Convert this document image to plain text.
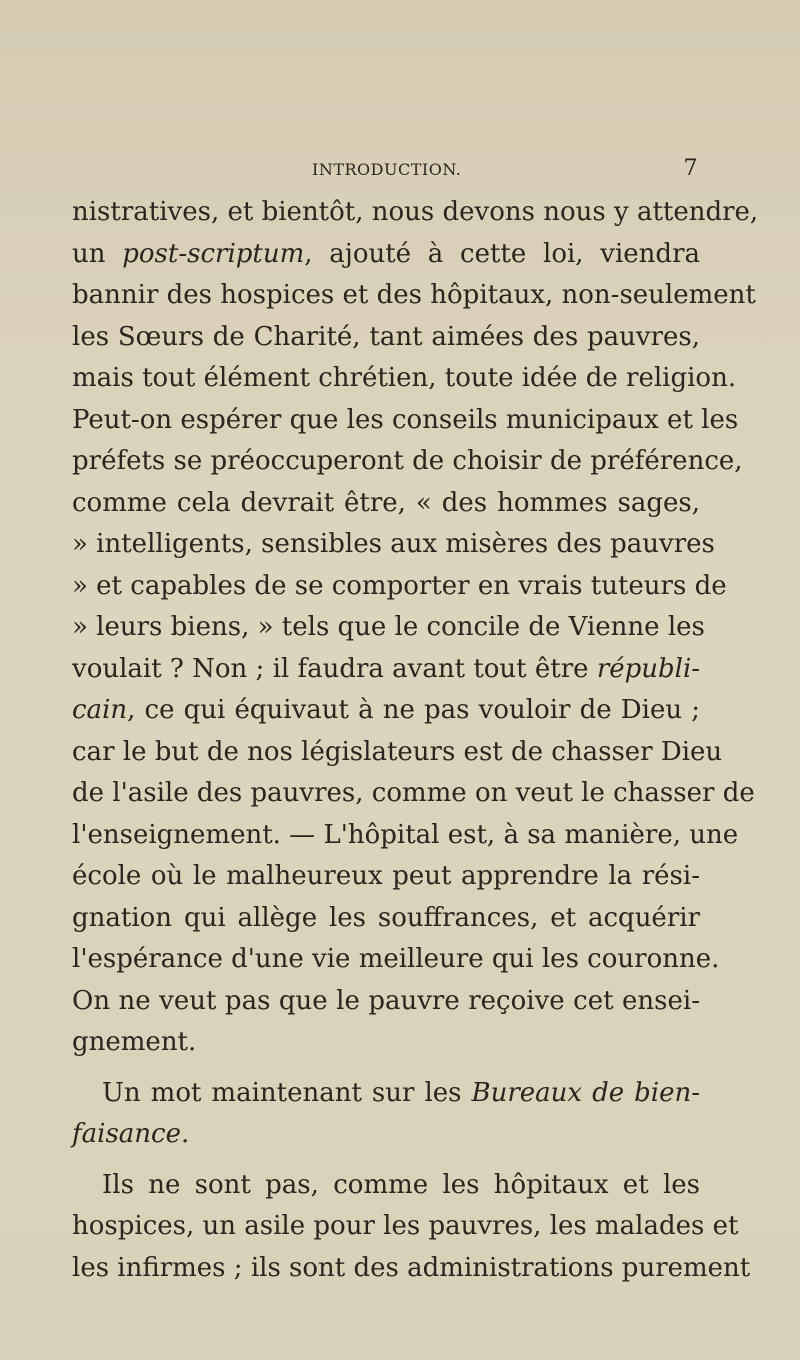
INTRODUCTION.	7
nistratives, et bientôt, nous devons nous y attendre,
un post-scriptum, ajouté à cette loi, viendra
bannir des hospices et des hôpitaux, non-seulement
les Sœurs de Charité, tant aimées des pauvres,
mais tout élément chrétien, toute idée de religion.
Peut-on espérer que les conseils municipaux et les
préfets se préoccuperont de choisir de préférence,
comme cela devrait être, « des hommes sages,
» intelligents, sensibles aux misères des pauvres
» et capables de se comporter en vrais tuteurs de
» leurs biens, » tels que le concile de Vienne les
voulait ? Non ; il faudra avant tout être républi-
cain, ce qui équivaut à ne pas vouloir de Dieu ;
car le but de nos législateurs est de chasser Dieu
de l'asile des pauvres, comme on veut le chasser de
l'enseignement. — L'hôpital est, à sa manière, une
école où le malheureux peut apprendre la rési-
gnation qui allège les souffrances, et acquérir
l'espérance d'une vie meilleure qui les couronne.
On ne veut pas que le pauvre reçoive cet ensei-
gnement.
Un mot maintenant sur les Bureaux de bien-
faisance.
Ils ne sont pas, comme les hôpitaux et les
hospices, un asile pour les pauvres, les malades et
les infirmes ; ils sont des administrations purement
